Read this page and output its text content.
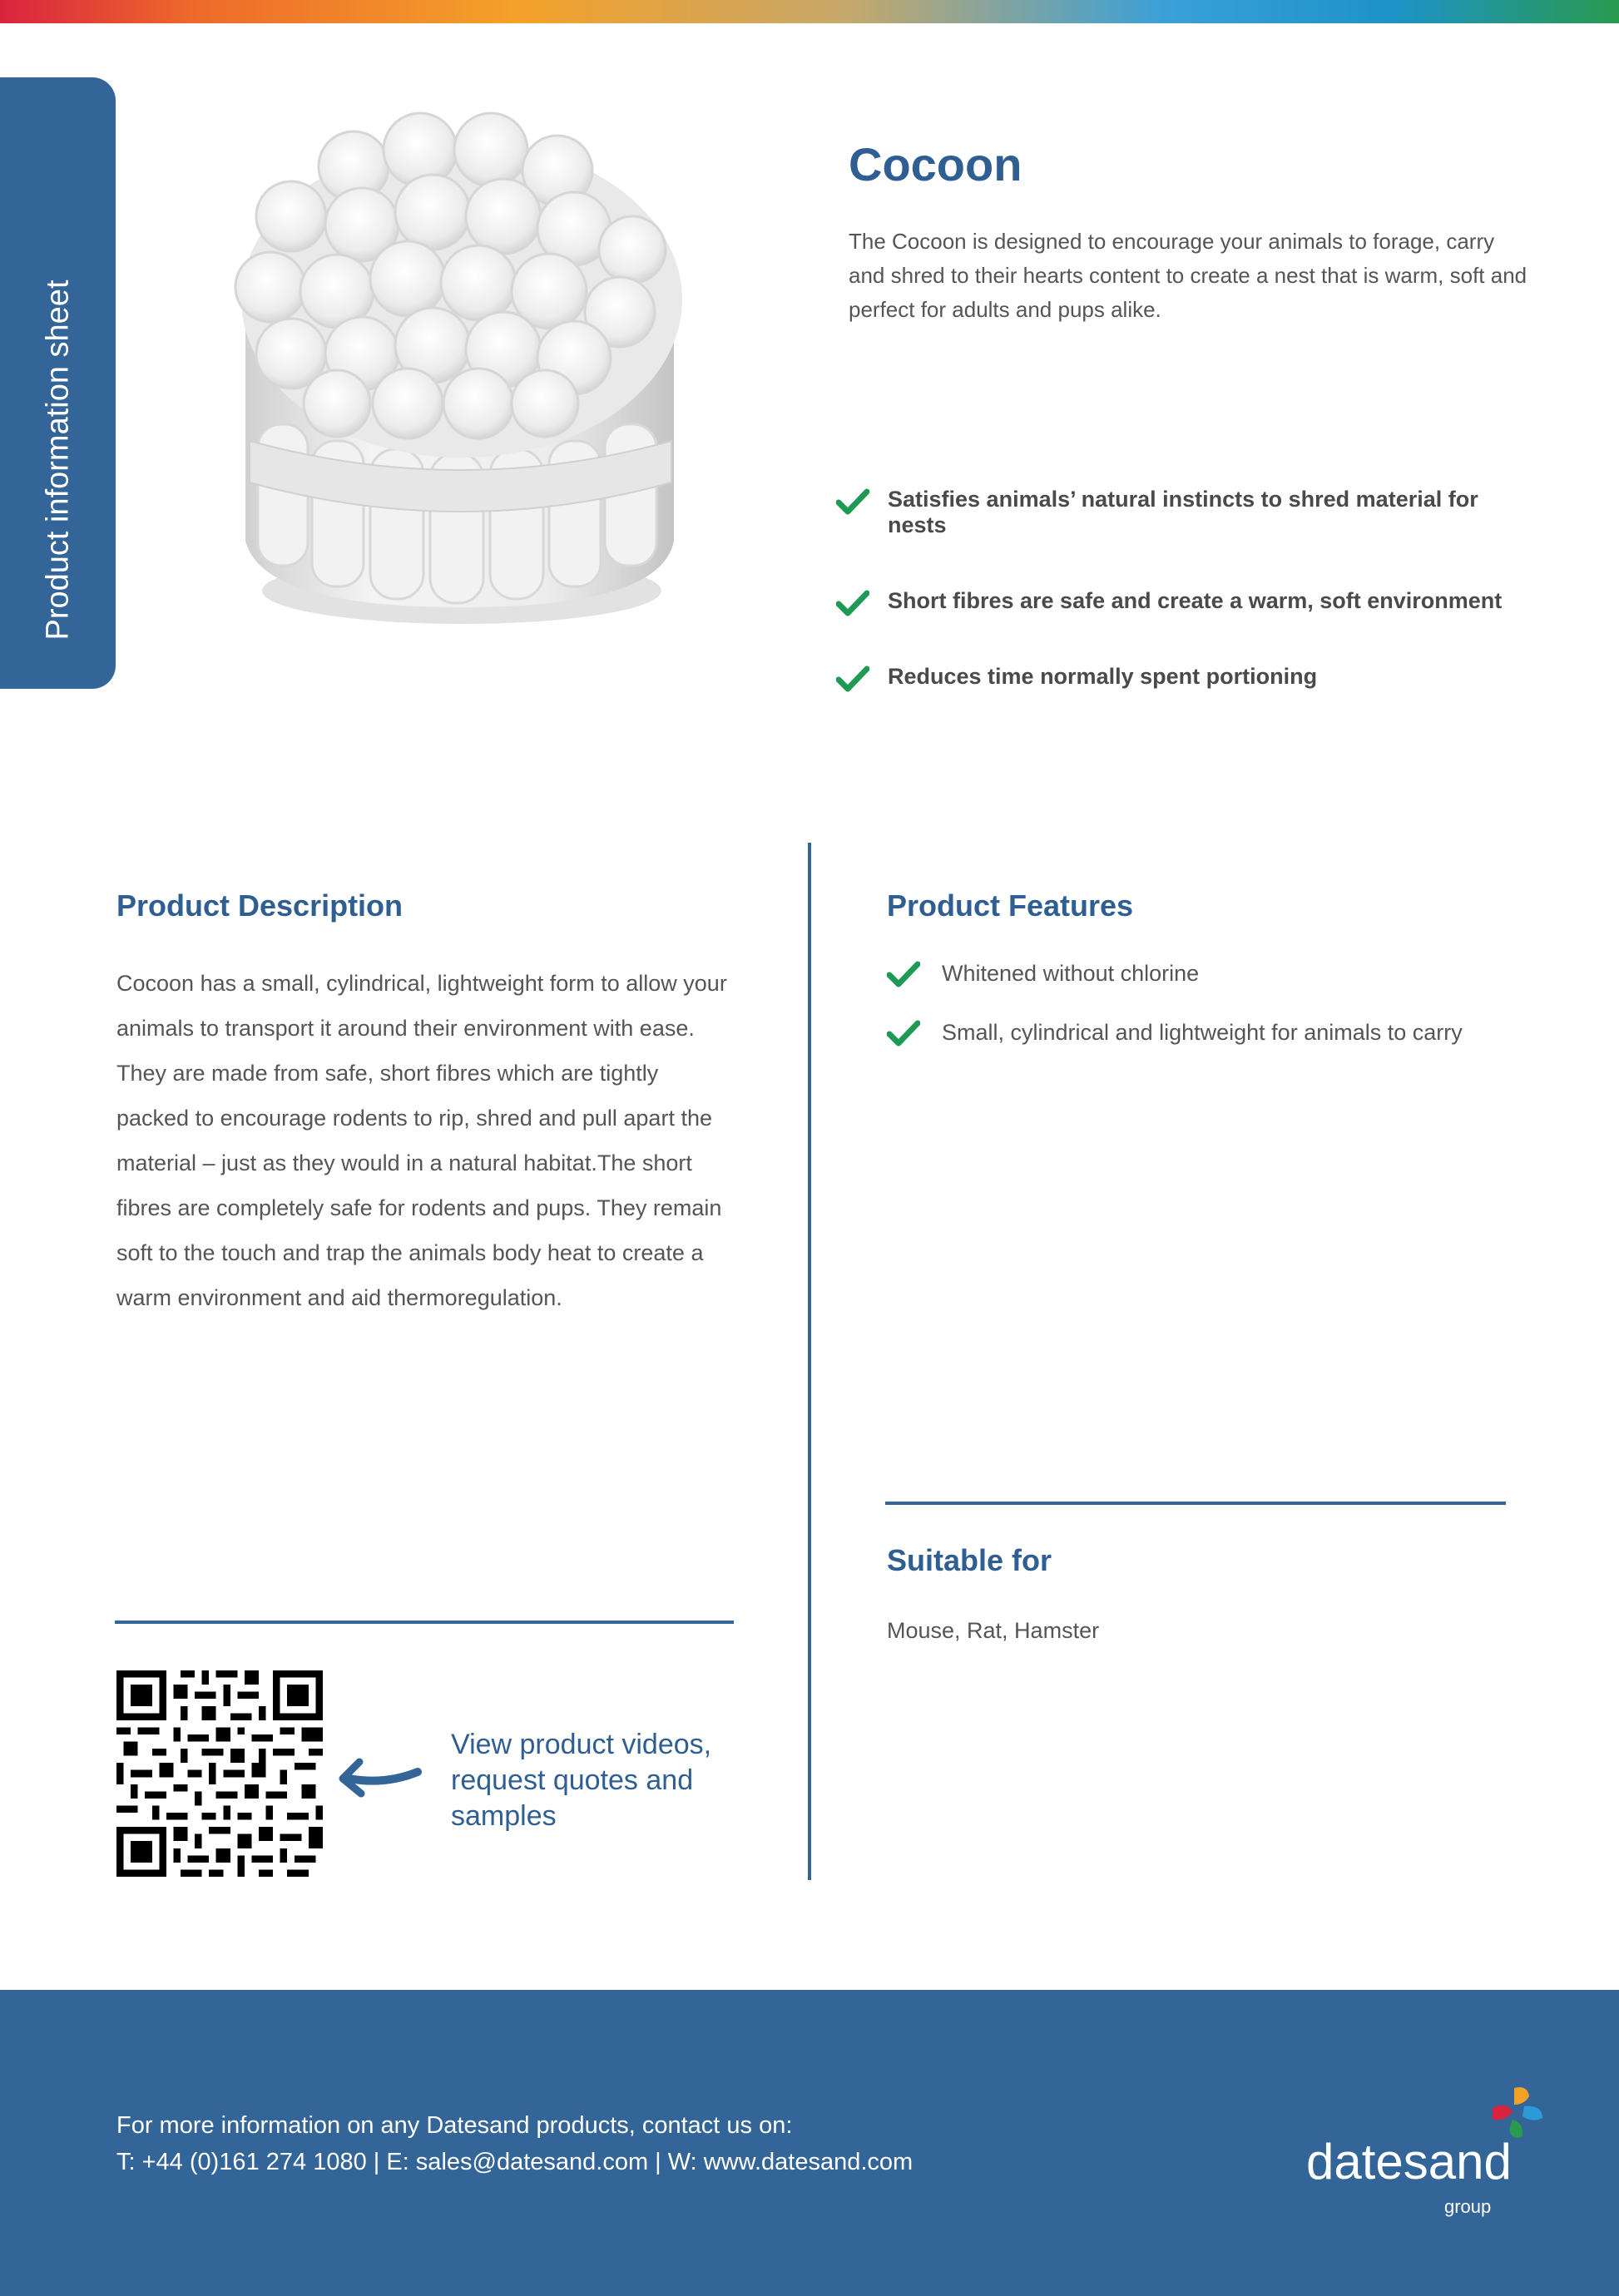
Product information sheet
Cocoon

The Cocoon is designed to encourage your animals to forage, carry and shred to their hearts content to create a nest that is warm, soft and perfect for adults and pups alike.

Satisfies animals’ natural instincts to shred material for nests
Short fibres are safe and create a warm, soft environment
Reduces time normally spent portioning
Product Description

Cocoon has a small, cylindrical, lightweight form to allow your animals to transport it around their environment with ease. They are made from safe, short fibres which are tightly packed to encourage rodents to rip, shred and pull apart the material – just as they would in a natural habitat.The short fibres are completely safe for rodents and pups. They remain soft to the touch and trap the animals body heat to create a warm environment and aid thermoregulation.

Product Features
Whitened without chlorine
Small, cylindrical and lightweight for animals to carry
Suitable for

Mouse, Rat, Hamster

View product videos, request quotes and samples

For more information on any Datesand products, contact us on:

T: +44 (0)161 274 1080 | E: sales@datesand.com | W: www.datesand.com	datesand
group
